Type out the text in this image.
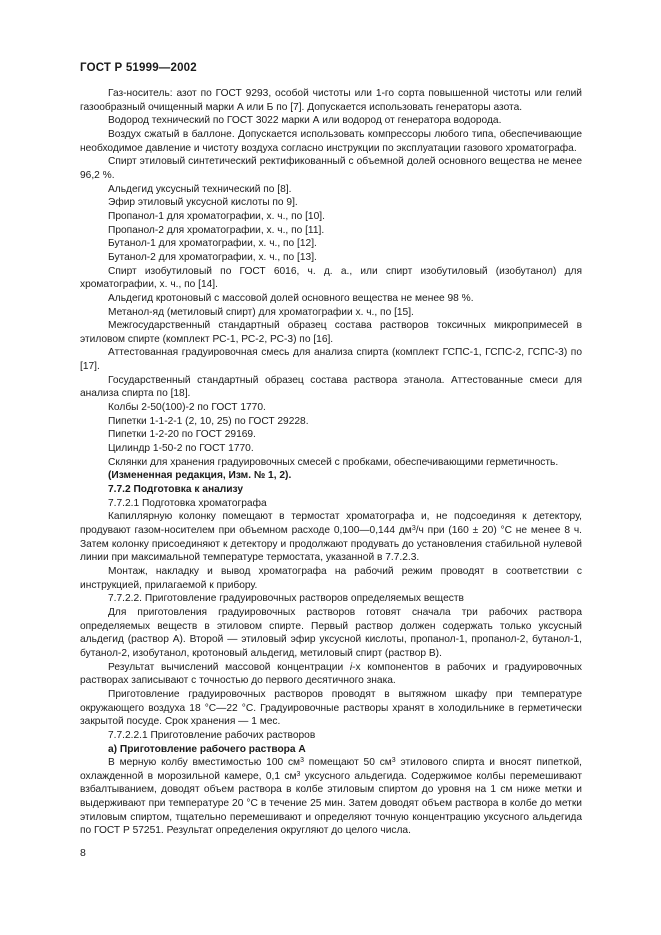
ГОСТ Р 51999—2002

Газ-носитель: азот по ГОСТ 9293, особой чистоты или 1-го сорта повышенной чистоты или гелий газообразный очищенный марки А или Б по [7]. Допускается использовать генераторы азота.

Водород технический по ГОСТ 3022 марки А или водород от генератора водорода.

Воздух сжатый в баллоне. Допускается использовать компрессоры любого типа, обеспечивающие необходимое давление и чистоту воздуха согласно инструкции по эксплуатации газового хроматографа.

Спирт этиловый синтетический ректификованный с объемной долей основного вещества не менее 96,2 %.

Альдегид уксусный технический по [8].

Эфир этиловый уксусной кислоты по 9].

Пропанол-1 для хроматографии, х. ч., по [10].

Пропанол-2 для хроматографии, х. ч., по [11].

Бутанол-1 для хроматографии, х. ч., по [12].

Бутанол-2 для хроматографии, х. ч., по [13].

Спирт изобутиловый по ГОСТ 6016, ч. д. а., или спирт изобутиловый (изобутанол) для хроматографии, х. ч., по [14].

Альдегид кротоновый с массовой долей основного вещества не менее 98 %.

Метанол-яд (метиловый спирт) для хроматографии х. ч., по [15].

Межгосударственный стандартный образец состава растворов токсичных микропримесей в этиловом спирте (комплект РС-1, РС-2, РС-3) по [16].

Аттестованная градуировочная смесь для анализа спирта (комплект ГСПС-1, ГСПС-2, ГСПС-3) по [17].

Государственный стандартный образец состава раствора этанола. Аттестованные смеси для анализа спирта по [18].

Колбы 2-50(100)-2 по ГОСТ 1770.

Пипетки 1-1-2-1 (2, 10, 25) по ГОСТ 29228.

Пипетки 1-2-20 по ГОСТ 29169.

Цилиндр 1-50-2 по ГОСТ 1770.

Склянки для хранения градуировочных смесей с пробками, обеспечивающими герметичность.

(Измененная редакция, Изм. № 1, 2).

7.7.2 Подготовка к анализу

7.7.2.1 Подготовка хроматографа

Капиллярную колонку помещают в термостат хроматографа и, не подсоединяя к детектору, продувают газом-носителем при объемном расходе 0,100—0,144 $дм^3/ч$ при (160 ± 20) °С не менее 8 ч. Затем колонку присоединяют к детектору и продолжают продувать до установления стабильной нулевой линии при максимальной температуре термостата, указанной в 7.7.2.3.

Монтаж, накладку и вывод хроматографа на рабочий режим проводят в соответствии с инструкцией, прилагаемой к прибору.

7.7.2.2. Приготовление градуировочных растворов определяемых веществ

Для приготовления градуировочных растворов готовят сначала три рабочих раствора определяемых веществ в этиловом спирте. Первый раствор должен содержать только уксусный альдегид (раствор А). Второй — этиловый эфир уксусной кислоты, пропанол-1, пропанол-2, бутанол-1, бутанол-2, изобутанол, кротоновый альдегид, метиловый спирт (раствор В).

Результат вычислений массовой концентрации i-х компонентов в рабочих и градуировочных растворах записывают с точностью до первого десятичного знака.

Приготовление градуировочных растворов проводят в вытяжном шкафу при температуре окружающего воздуха 18 °С—22 °С. Градуировочные растворы хранят в холодильнике в герметически закрытой посуде. Срок хранения — 1 мес.

7.7.2.2.1 Приготовление рабочих растворов

а) Приготовление рабочего раствора А

В мерную колбу вместимостью 100 $см^3$ помещают 50 $см^3$ этилового спирта и вносят пипеткой, охлажденной в морозильной камере, 0,1 $см^3$ уксусного альдегида. Содержимое колбы перемешивают взбалтыванием, доводят объем раствора в колбе этиловым спиртом до уровня на 1 см ниже метки и выдерживают при температуре 20 °С в течение 25 мин. Затем доводят объем раствора в колбе до метки этиловым спиртом, тщательно перемешивают и определяют точную концентрацию уксусного альдегида по ГОСТ Р 57251. Результат определения округляют до целого числа.

8
